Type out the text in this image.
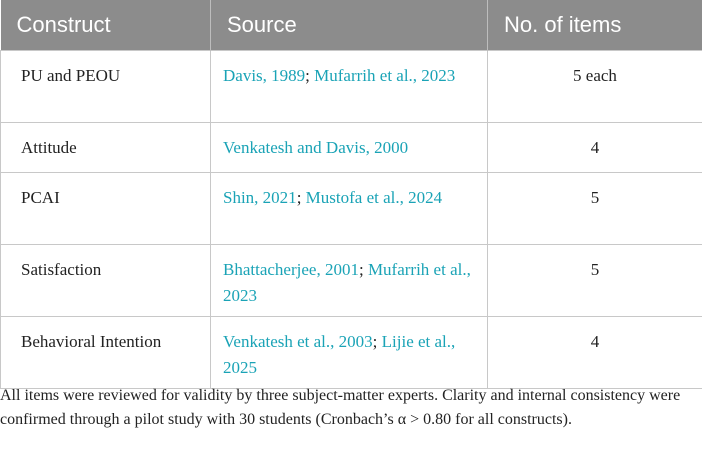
Construct	Source	No. of items
PU and PEOU	Davis, 1989; Mufarrih et al., 2023	5 each
Attitude	Venkatesh and Davis, 2000	4
PCAI	Shin, 2021; Mustofa et al., 2024	5
Satisfaction	Bhattacherjee, 2001; Mufarrih et al., 2023	5
Behavioral Intention	Venkatesh et al., 2003; Lijie et al., 2025	4
All items were reviewed for validity by three subject-matter experts. Clarity and internal consistency were confirmed through a pilot study with 30 students (Cronbach’s α > 0.80 for all constructs).
